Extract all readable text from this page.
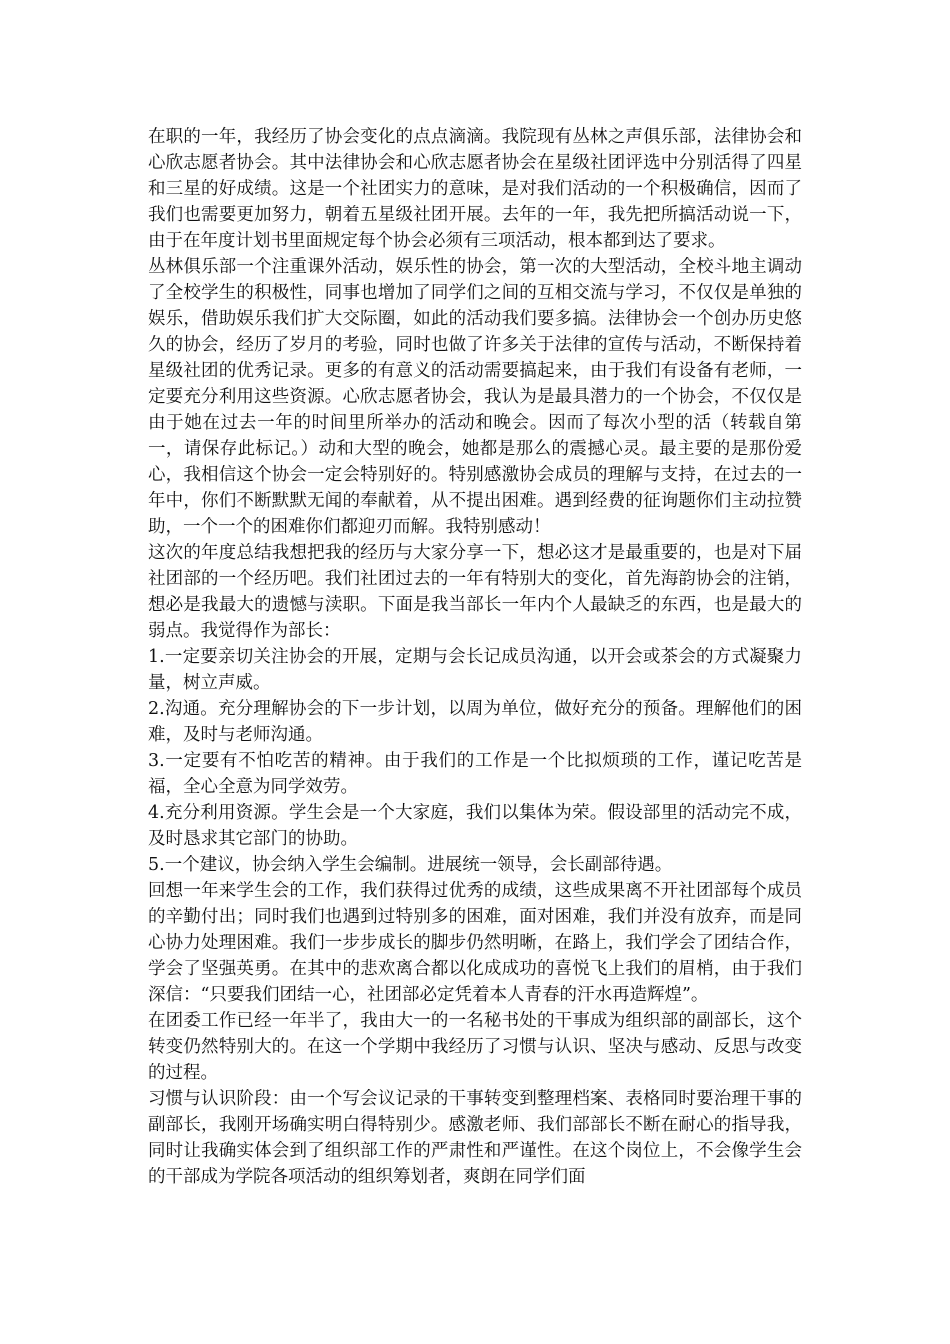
在职的一年，我经历了协会变化的点点滴滴。我院现有丛林之声俱乐部，法律协会和心欣志愿者协会。其中法律协会和心欣志愿者协会在星级社团评选中分别活得了四星和三星的好成绩。这是一个社团实力的意味，是对我们活动的一个积极确信，因而了我们也需要更加努力，朝着五星级社团开展。去年的一年，我先把所搞活动说一下，由于在年度计划书里面规定每个协会必须有三项活动，根本都到达了要求。

丛林俱乐部一个注重课外活动，娱乐性的协会，第一次的大型活动，全校斗地主调动了全校学生的积极性，同事也增加了同学们之间的互相交流与学习，不仅仅是单独的娱乐，借助娱乐我们扩大交际圈，如此的活动我们要多搞。法律协会一个创办历史悠久的协会，经历了岁月的考验，同时也做了许多关于法律的宣传与活动，不断保持着星级社团的优秀记录。更多的有意义的活动需要搞起来，由于我们有设备有老师，一定要充分利用这些资源。心欣志愿者协会，我认为是最具潜力的一个协会，不仅仅是由于她在过去一年的时间里所举办的活动和晚会。因而了每次小型的活（转载自第一，请保存此标记。）动和大型的晚会，她都是那么的震撼心灵。最主要的是那份爱心，我相信这个协会一定会特别好的。特别感激协会成员的理解与支持，在过去的一年中，你们不断默默无闻的奉献着，从不提出困难。遇到经费的征询题你们主动拉赞助，一个一个的困难你们都迎刃而解。我特别感动！

这次的年度总结我想把我的经历与大家分享一下，想必这才是最重要的，也是对下届社团部的一个经历吧。我们社团过去的一年有特别大的变化，首先海韵协会的注销，想必是我最大的遗憾与渎职。下面是我当部长一年内个人最缺乏的东西，也是最大的弱点。我觉得作为部长：

1.一定要亲切关注协会的开展，定期与会长记成员沟通，以开会或茶会的方式凝聚力量，树立声威。

2.沟通。充分理解协会的下一步计划，以周为单位，做好充分的预备。理解他们的困难，及时与老师沟通。

3.一定要有不怕吃苦的精神。由于我们的工作是一个比拟烦琐的工作，谨记吃苦是福，全心全意为同学效劳。

4.充分利用资源。学生会是一个大家庭，我们以集体为荣。假设部里的活动完不成，及时恳求其它部门的协助。

5.一个建议，协会纳入学生会编制。进展统一领导，会长副部待遇。

回想一年来学生会的工作，我们获得过优秀的成绩，这些成果离不开社团部每个成员的辛勤付出；同时我们也遇到过特别多的困难，面对困难，我们并没有放弃，而是同心协力处理困难。我们一步步成长的脚步仍然明晰，在路上，我们学会了团结合作，学会了坚强英勇。在其中的悲欢离合都以化成成功的喜悦飞上我们的眉梢，由于我们深信：“只要我们团结一心，社团部必定凭着本人青春的汗水再造辉煌”。

在团委工作已经一年半了，我由大一的一名秘书处的干事成为组织部的副部长，这个转变仍然特别大的。在这一个学期中我经历了习惯与认识、坚决与感动、反思与改变的过程。

习惯与认识阶段：由一个写会议记录的干事转变到整理档案、表格同时要治理干事的副部长，我刚开场确实明白得特别少。感激老师、我们部部长不断在耐心的指导我，同时让我确实体会到了组织部工作的严肃性和严谨性。在这个岗位上，不会像学生会的干部成为学院各项活动的组织筹划者，爽朗在同学们面
